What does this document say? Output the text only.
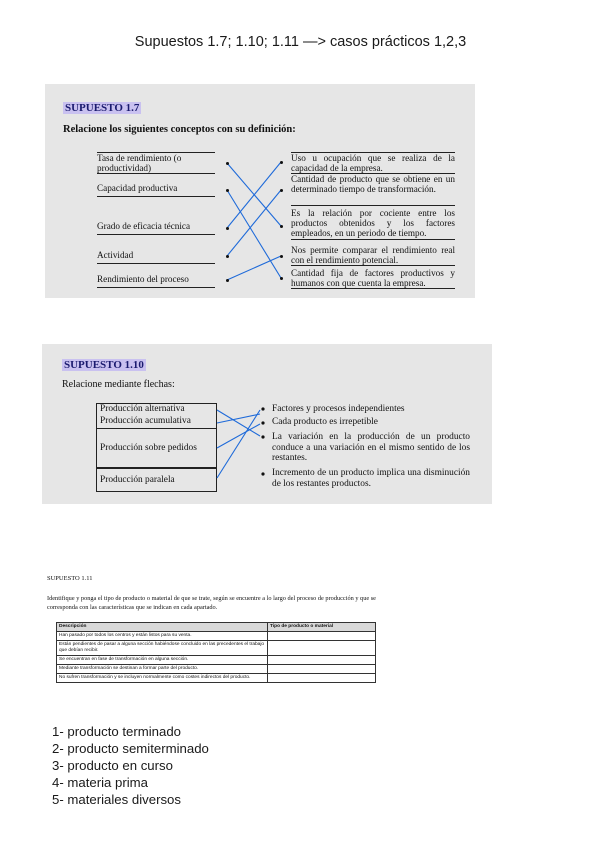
Supuestos 1.7; 1.10; 1.11 —> casos prácticos 1,2,3
SUPUESTO 1.7
Relacione los siguientes conceptos con su definición:
Tasa de rendimiento (o productividad)
Capacidad productiva
Grado de eficacia técnica
Actividad
Rendimiento del proceso
Uso u ocupación que se realiza de la capacidad de la empresa.
Cantidad de producto que se obtiene en un determinado tiempo de transformación.
Es la relación por cociente entre los productos obtenidos y los factores empleados, en un periodo de tiempo.
Nos permite comparar el rendimiento real con el rendimiento potencial.
Cantidad fija de factores productivos y humanos con que cuenta la empresa.
SUPUESTO 1.10
Relacione mediante flechas:
Producción alternativa
Producción acumulativa
Producción sobre pedidos
Producción paralela
Factores y procesos independientes
Cada producto es irrepetible
La variación en la producción de un producto conduce a una variación en el mismo sentido de los restantes.
Incremento de un producto implica una disminución de los restantes productos.
SUPUESTO 1.11
Identifique y ponga el tipo de producto o material de que se trate, según se encuentre a lo largo del proceso de producción y que se corresponda con las características que se indican en cada apartado.
Descripción	Tipo de producto o material
Han pasado por todos los centros y están listos para su venta.	
Están pendientes de pasar a alguna sección habiéndose concluido en las precedentes el trabajo que debían recibir.	
Se encuentran en fase de transformación en alguna sección.	
Mediante transformación se destinan a formar parte del producto.	
No sufren transformación y se incluyen normalmente como costes indirectos del producto.	
1- producto terminado
2- producto semiterminado
3- producto en curso
4- materia prima
5- materiales diversos
